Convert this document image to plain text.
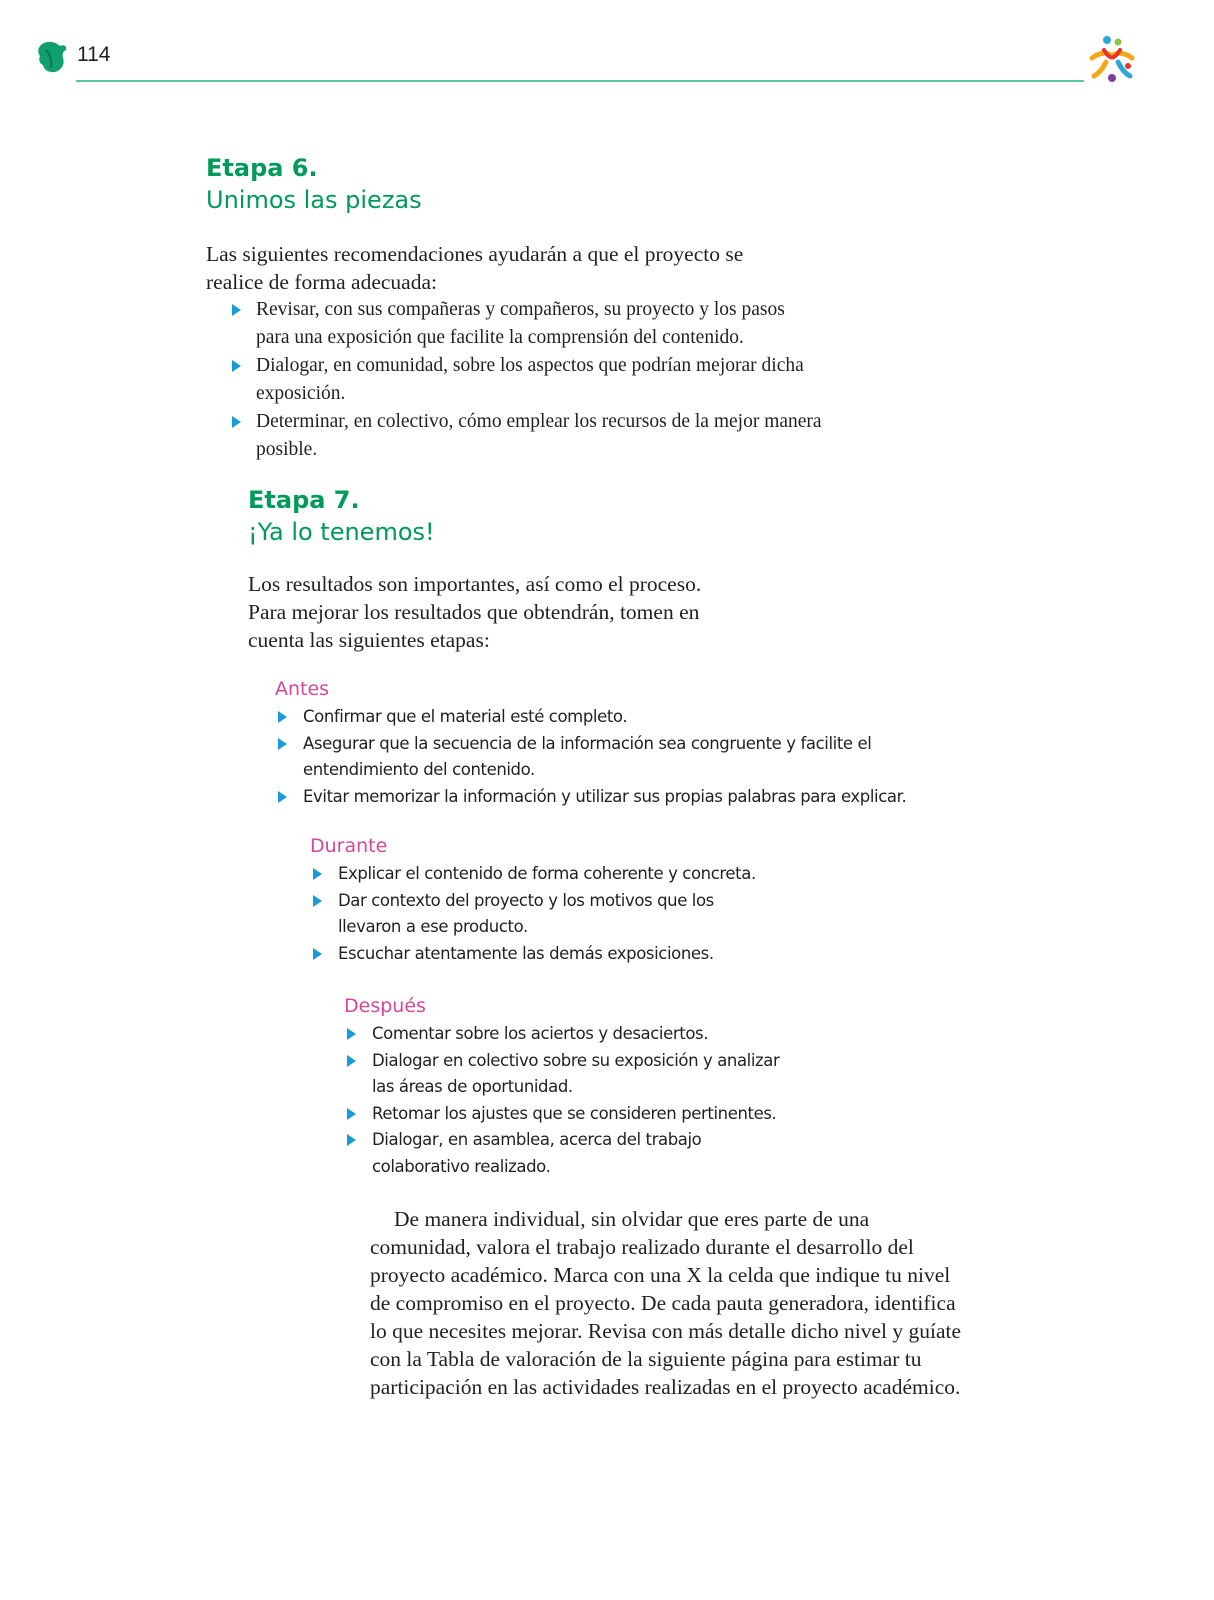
114
Etapa 6.
Unimos las piezas

Las siguientes recomendaciones ayudarán a que el proyecto se realice de forma adecuada:

Revisar, con sus compañeras y compañeros, su proyecto y los pasos para una exposición que facilite la comprensión del contenido.
Dialogar, en comunidad, sobre los aspectos que podrían mejorar dicha exposición.
Determinar, en colectivo, cómo emplear los recursos de la mejor manera posible.
Etapa 7.
¡Ya lo tenemos!

Los resultados son importantes, así como el proceso. Para mejorar los resultados que obtendrán, tomen en cuenta las siguientes etapas:

Antes
Confirmar que el material esté completo.
Asegurar que la secuencia de la información sea congruente y facilite el entendimiento del contenido.
Evitar memorizar la información y utilizar sus propias palabras para explicar.
Durante
Explicar el contenido de forma coherente y concreta.
Dar contexto del proyecto y los motivos que los llevaron a ese producto.
Escuchar atentamente las demás exposiciones.
Después
Comentar sobre los aciertos y desaciertos.
Dialogar en colectivo sobre su exposición y analizar las áreas de oportunidad.
Retomar los ajustes que se consideren pertinentes.
Dialogar, en asamblea, acerca del trabajo colaborativo realizado.

De manera individual, sin olvidar que eres parte de una comunidad, valora el trabajo realizado durante el desarrollo del proyecto académico. Marca con una X la celda que indique tu nivel de compromiso en el proyecto. De cada pauta generadora, identifica lo que necesites mejorar. Revisa con más detalle dicho nivel y guíate con la Tabla de valoración de la siguiente página para estimar tu participación en las actividades realizadas en el proyecto académico.
